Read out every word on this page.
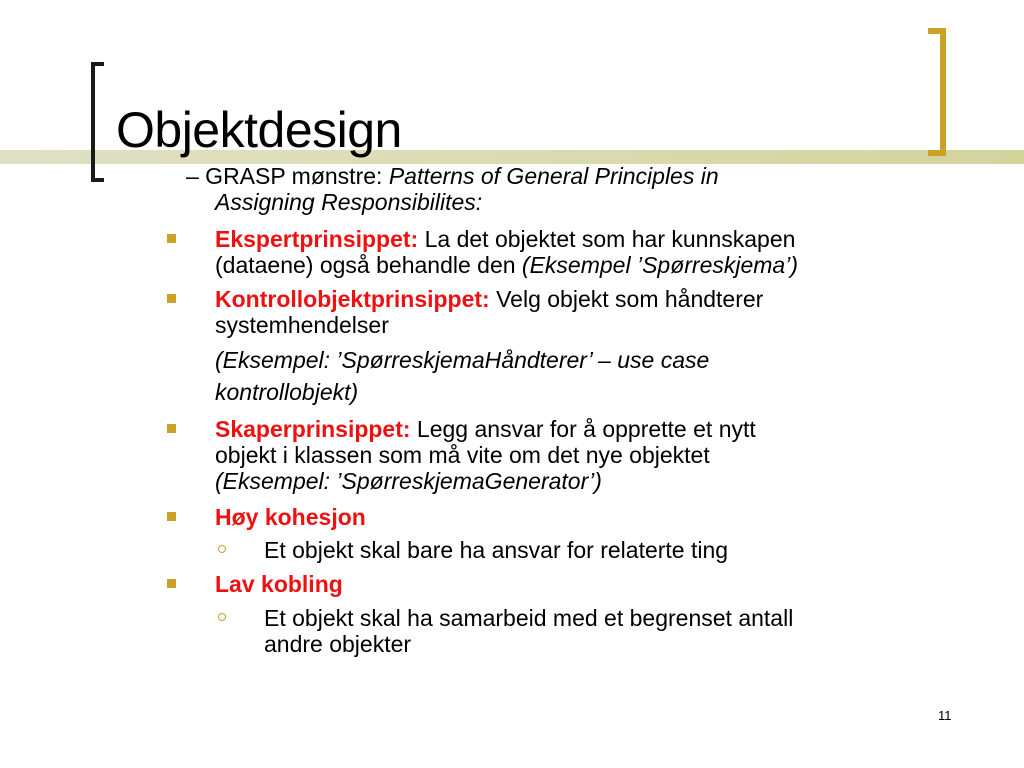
Objektdesign
– GRASP mønstre: Patterns of General Principles in
Assigning Responsibilites:
Ekspertprinsippet: La det objektet som har kunnskapen
(dataene) også behandle den (Eksempel ’Spørreskjema’)
Kontrollobjektprinsippet: Velg objekt som håndterer
systemhendelser
(Eksempel: ’SpørreskjemaHåndterer’ – use case
kontrollobjekt)
Skaperprinsippet: Legg ansvar for å opprette et nytt
objekt i klassen som må vite om det nye objektet
(Eksempel: ’SpørreskjemaGenerator’)
Høy kohesjon
Et objekt skal bare ha ansvar for relaterte ting
Lav kobling
Et objekt skal ha samarbeid med et begrenset antall
andre objekter
11
